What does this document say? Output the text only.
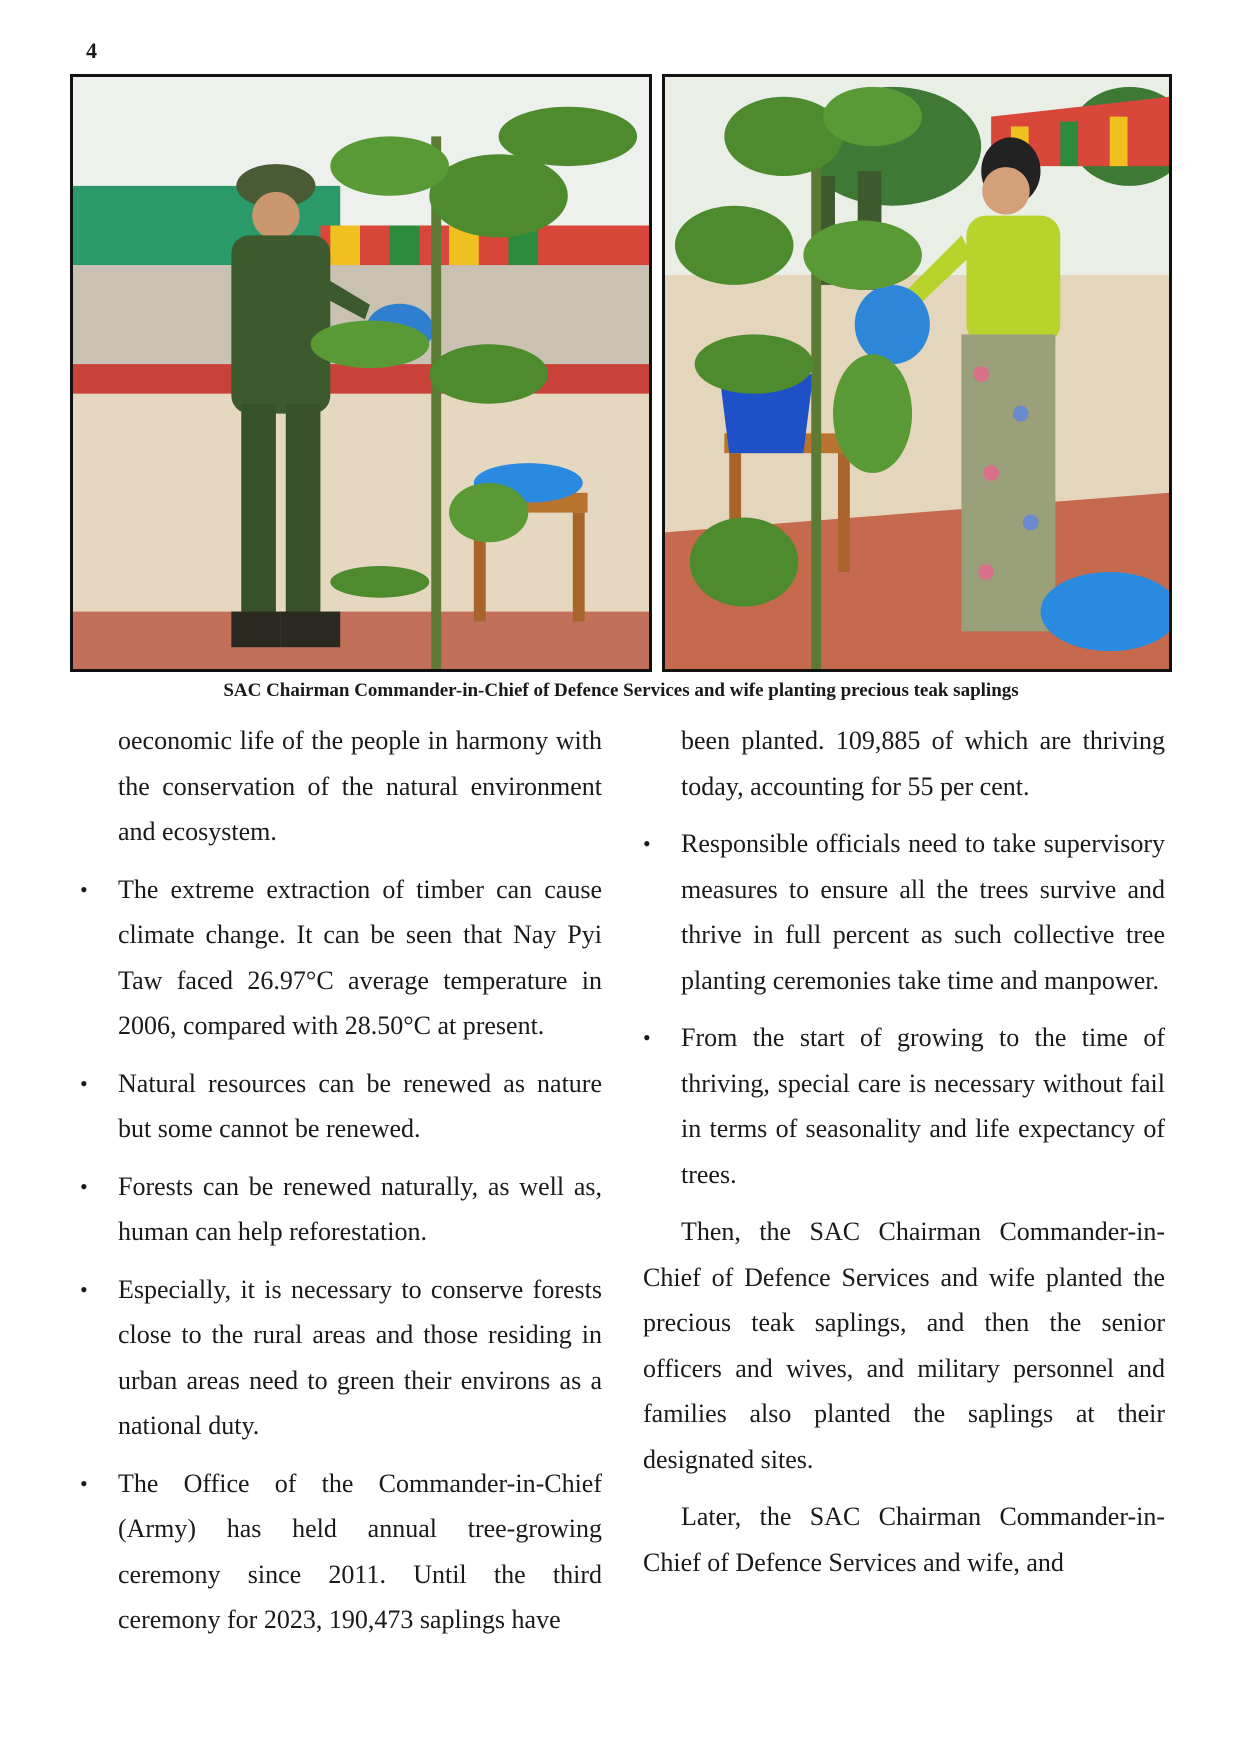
4
SAC Chairman Commander-in-Chief of Defence Services and wife planting precious teak saplings

oeconomic life of the people in harmony with the conservation of the natural environment and ecosystem.

• The extreme extraction of timber can cause climate change. It can be seen that Nay Pyi Taw faced 26.97°C average temperature in 2006, compared with 28.50°C at present.
• Natural resources can be renewed as nature but some cannot be renewed.
• Forests can be renewed naturally, as well as, human can help reforestation.
• Especially, it is necessary to conserve forests close to the rural areas and those residing in urban areas need to green their environs as a national duty.
• The Office of the Commander-in-Chief (Army) has held annual tree-growing ceremony since 2011. Until the third ceremony for 2023, 190,473 saplings have

been planted. 109,885 of which are thriving today, accounting for 55 per cent.

• Responsible officials need to take supervisory measures to ensure all the trees survive and thrive in full percent as such collective tree planting ceremonies take time and manpower.
• From the start of growing to the time of thriving, special care is necessary without fail in terms of seasonality and life expectancy of trees.

Then, the SAC Chairman Commander-in-Chief of Defence Services and wife planted the precious teak saplings, and then the senior officers and wives, and military personnel and families also planted the saplings at their designated sites.

Later, the SAC Chairman Commander-in-Chief of Defence Services and wife, and
